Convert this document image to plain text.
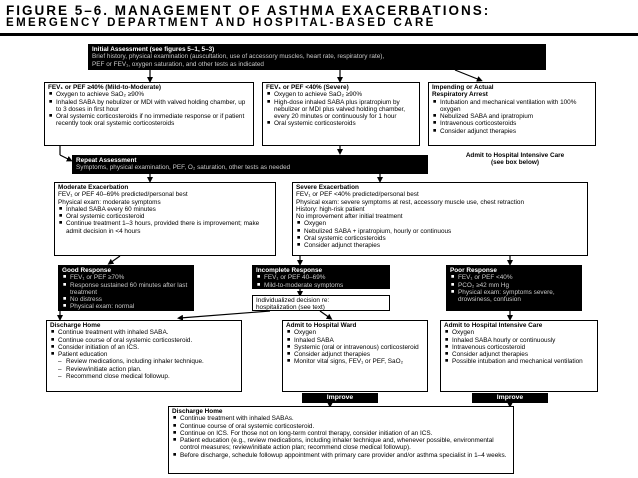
FIGURE 5–6. MANAGEMENT OF ASTHMA EXACERBATIONS:
EMERGENCY DEPARTMENT AND HOSPITAL-BASED CARE
Initial Assessment (see figures 5–1, 5–3)
Brief history, physical examination (auscultation, use of accessory muscles, heart rate, respiratory rate),
PEF or FEV₁, oxygen saturation, and other tests as indicated
FEV₁ or PEF ≥40% (Mild-to-Moderate)
■ Oxygen to achieve SaO₂ ≥90%
■ Inhaled SABA by nebulizer or MDI with valved holding chamber, up to 3 doses in first hour
■ Oral systemic corticosteroids if no immediate response or if patient recently took oral systemic corticosteroids
FEV₁ or PEF <40% (Severe)
■ Oxygen to achieve SaO₂ ≥90%
■ High-dose inhaled SABA plus ipratropium by nebulizer or MDI plus valved holding chamber, every 20 minutes or continuously for 1 hour
■ Oral systemic corticosteroids
Impending or Actual
Respiratory Arrest
■ Intubation and mechanical ventilation with 100% oxygen
■ Nebulized SABA and ipratropium
■ Intravenous corticosteroids
■ Consider adjunct therapies
Admit to Hospital Intensive Care
(see box below)
Repeat Assessment
Symptoms, physical examination, PEF, O₂ saturation, other tests as needed
Moderate Exacerbation
FEV₁ or PEF 40–69% predicted/personal best
Physical exam: moderate symptoms
■ Inhaled SABA every 60 minutes
■ Oral systemic corticosteroid
■ Continue treatment 1–3 hours, provided there is improvement; make admit decision in <4 hours
Severe Exacerbation
FEV₁ or PEF <40% predicted/personal best
Physical exam: severe symptoms at rest, accessory muscle use, chest retraction
History: high-risk patient
No improvement after initial treatment
■ Oxygen
■ Nebulized SABA + ipratropium, hourly or continuous
■ Oral systemic corticosteroids
■ Consider adjunct therapies
Good Response
■ FEV₁ or PEF ≥70%
■ Response sustained 60 minutes after last treatment
■ No distress
■ Physical exam: normal
Incomplete Response
■ FEV₁ or PEF 40–69%
■ Mild-to-moderate symptoms
Individualized decision re:
hospitalization (see text)
Poor Response
■ FEV₁ or PEF <40%
■ PCO₂ ≥42 mm Hg
■ Physical exam: symptoms severe, drowsiness, confusion
Discharge Home
■ Continue treatment with inhaled SABA.
■ Continue course of oral systemic corticosteroid.
■ Consider initiation of an ICS.
■ Patient education
– Review medications, including inhaler technique.
– Review/initiate action plan.
– Recommend close medical followup.
Admit to Hospital Ward
■ Oxygen
■ Inhaled SABA
■ Systemic (oral or intravenous) corticosteroid
■ Consider adjunct therapies
■ Monitor vital signs, FEV₁ or PEF, SaO₂
Admit to Hospital Intensive Care
■ Oxygen
■ Inhaled SABA hourly or continuously
■ Intravenous corticosteroid
■ Consider adjunct therapies
■ Possible intubation and mechanical ventilation
Improve	Improve
Discharge Home
■ Continue treatment with inhaled SABAs.
■ Continue course of oral systemic corticosteroid.
■ Continue on ICS. For those not on long-term control therapy, consider initiation of an ICS.
■ Patient education (e.g., review medications, including inhaler technique and, whenever possible, environmental control measures; review/initiate action plan; recommend close medical followup).
■ Before discharge, schedule followup appointment with primary care provider and/or asthma specialist in 1–4 weeks.
